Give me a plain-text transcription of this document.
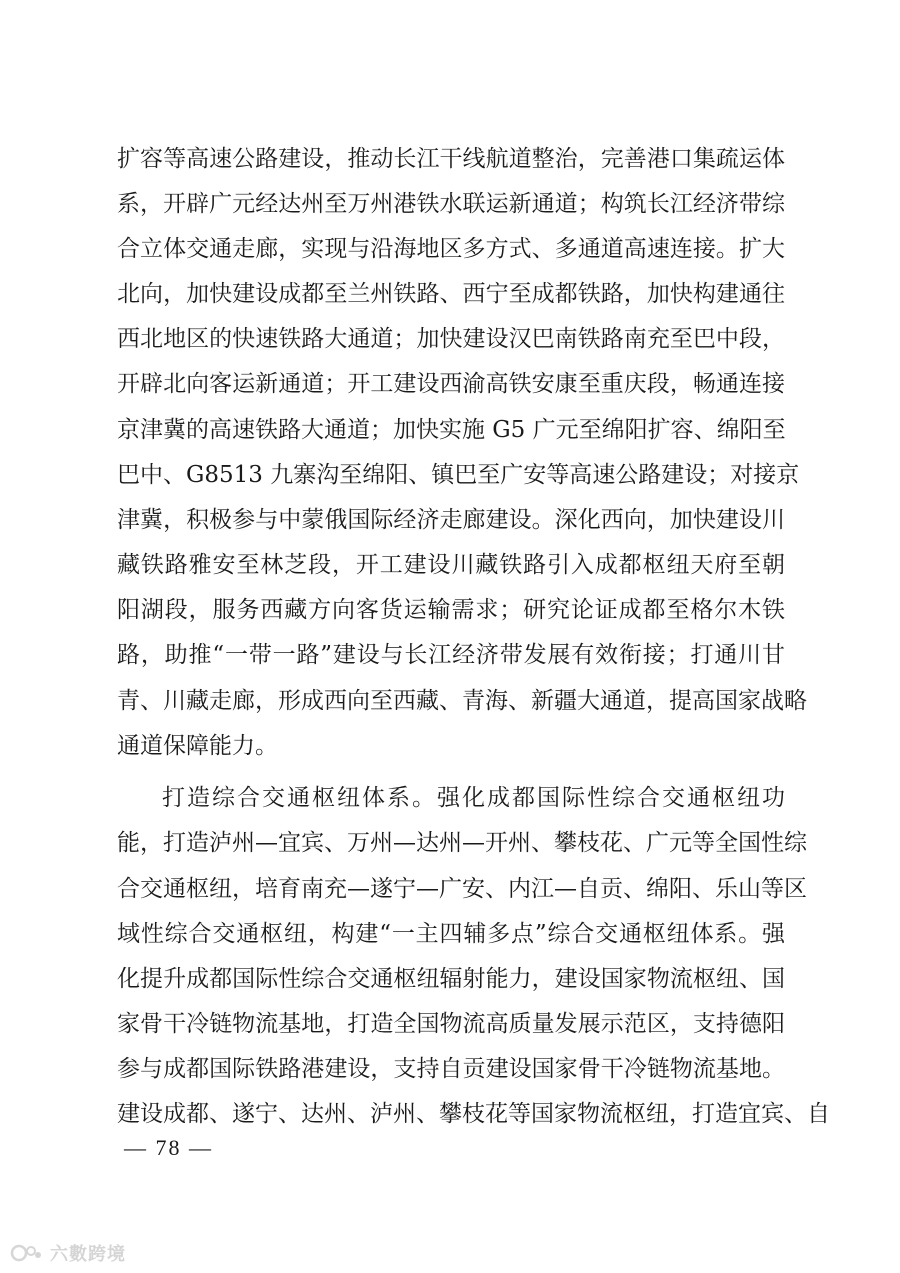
扩容等高速公路建设，推动长江干线航道整治，完善港口集疏运体
系，开辟广元经达州至万州港铁水联运新通道；构筑长江经济带综
合立体交通走廊，实现与沿海地区多方式、多通道高速连接。扩大
北向，加快建设成都至兰州铁路、西宁至成都铁路，加快构建通往
西北地区的快速铁路大通道；加快建设汉巴南铁路南充至巴中段，
开辟北向客运新通道；开工建设西渝高铁安康至重庆段，畅通连接
京津冀的高速铁路大通道；加快实施 G5 广元至绵阳扩容、绵阳至
巴中、G8513 九寨沟至绵阳、镇巴至广安等高速公路建设；对接京
津冀，积极参与中蒙俄国际经济走廊建设。深化西向，加快建设川
藏铁路雅安至林芝段，开工建设川藏铁路引入成都枢纽天府至朝
阳湖段，服务西藏方向客货运输需求；研究论证成都至格尔木铁
路，助推“一带一路”建设与长江经济带发展有效衔接；打通川甘
青、川藏走廊，形成西向至西藏、青海、新疆大通道，提高国家战略
通道保障能力。
打造综合交通枢纽体系。强化成都国际性综合交通枢纽功
能，打造泸州—宜宾、万州—达州—开州、攀枝花、广元等全国性综
合交通枢纽，培育南充—遂宁—广安、内江—自贡、绵阳、乐山等区
域性综合交通枢纽，构建“一主四辅多点”综合交通枢纽体系。强
化提升成都国际性综合交通枢纽辐射能力，建设国家物流枢纽、国
家骨干冷链物流基地，打造全国物流高质量发展示范区，支持德阳
参与成都国际铁路港建设，支持自贡建设国家骨干冷链物流基地。
建设成都、遂宁、达州、泸州、攀枝花等国家物流枢纽，打造宜宾、自
— 78 —
六數跨境
